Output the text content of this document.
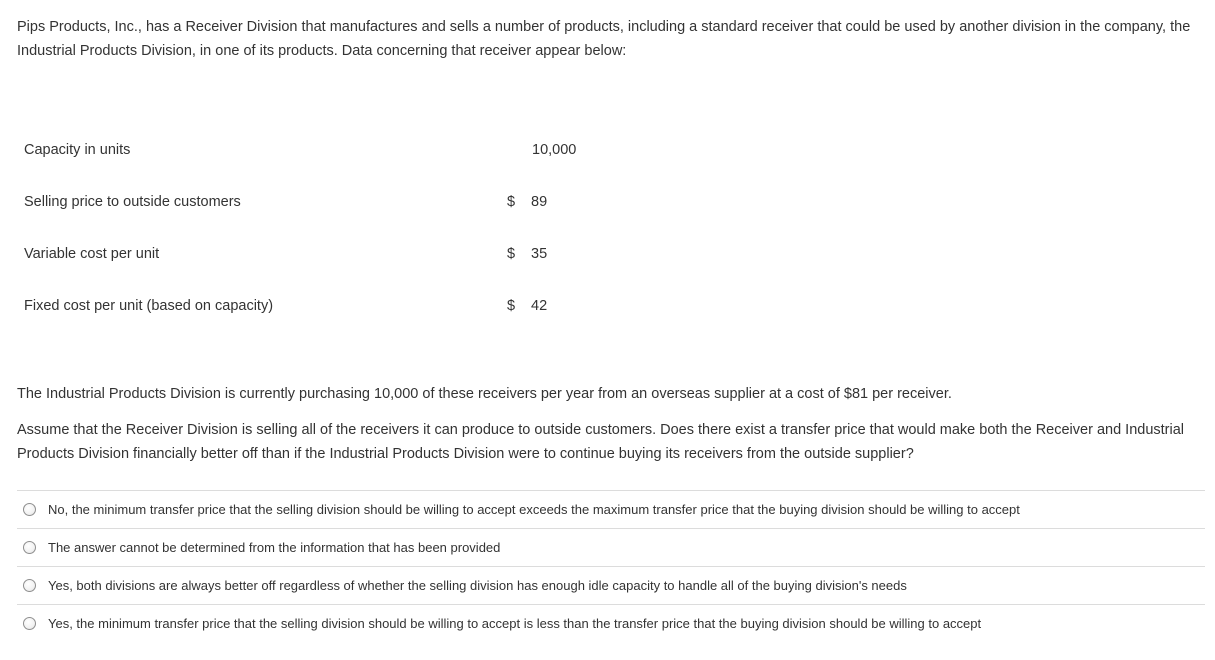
Pips Products, Inc., has a Receiver Division that manufactures and sells a number of products, including a standard receiver that could be used by another division in the company, the Industrial Products Division, in one of its products. Data concerning that receiver appear below:

Capacity in units	10,000
Selling price to outside customers	$ 89
Variable cost per unit	$ 35
Fixed cost per unit (based on capacity)	$ 42

The Industrial Products Division is currently purchasing 10,000 of these receivers per year from an overseas supplier at a cost of $81 per receiver.

Assume that the Receiver Division is selling all of the receivers it can produce to outside customers. Does there exist a transfer price that would make both the Receiver and Industrial Products Division financially better off than if the Industrial Products Division were to continue buying its receivers from the outside supplier?

No, the minimum transfer price that the selling division should be willing to accept exceeds the maximum transfer price that the buying division should be willing to accept
The answer cannot be determined from the information that has been provided
Yes, both divisions are always better off regardless of whether the selling division has enough idle capacity to handle all of the buying division's needs
Yes, the minimum transfer price that the selling division should be willing to accept is less than the transfer price that the buying division should be willing to accept
